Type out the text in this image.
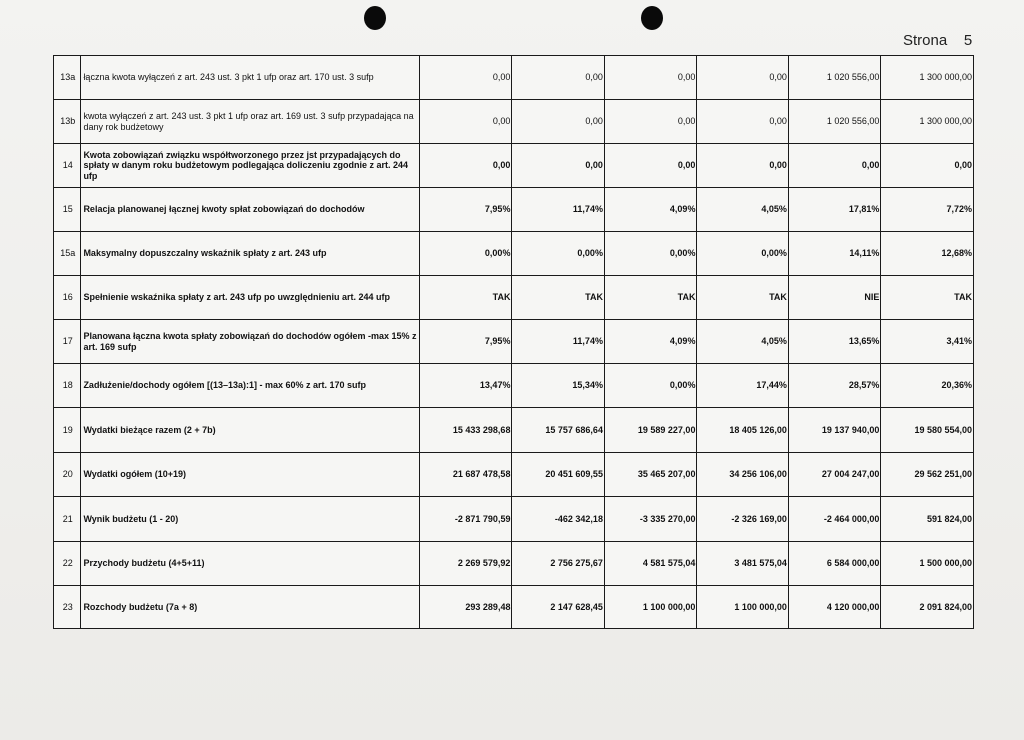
Strona    5
13a	łączna kwota wyłączeń z art. 243 ust. 3 pkt 1 ufp oraz art. 170 ust. 3 sufp	0,00	0,00	0,00	0,00	1 020 556,00	1 300 000,00
13b	kwota wyłączeń z art. 243 ust. 3 pkt 1 ufp oraz art. 169 ust. 3 sufp przypadająca na dany rok budżetowy	0,00	0,00	0,00	0,00	1 020 556,00	1 300 000,00
14	Kwota zobowiązań związku współtworzonego przez jst przypadających do spłaty w danym roku budżetowym podlegająca doliczeniu zgodnie z art. 244 ufp	0,00	0,00	0,00	0,00	0,00	0,00
15	Relacja planowanej łącznej kwoty spłat zobowiązań do dochodów	7,95%	11,74%	4,09%	4,05%	17,81%	7,72%
15a	Maksymalny dopuszczalny wskaźnik spłaty z art. 243 ufp	0,00%	0,00%	0,00%	0,00%	14,11%	12,68%
16	Spełnienie wskaźnika spłaty z art. 243 ufp po uwzględnieniu art. 244 ufp	TAK	TAK	TAK	TAK	NIE	TAK
17	Planowana łączna kwota spłaty zobowiązań do dochodów ogółem -max 15% z art. 169 sufp	7,95%	11,74%	4,09%	4,05%	13,65%	3,41%
18	Zadłużenie/dochody ogółem [(13–13a):1] - max 60% z art. 170 sufp	13,47%	15,34%	0,00%	17,44%	28,57%	20,36%
19	Wydatki bieżące razem (2 + 7b)	15 433 298,68	15 757 686,64	19 589 227,00	18 405 126,00	19 137 940,00	19 580 554,00
20	Wydatki ogółem (10+19)	21 687 478,58	20 451 609,55	35 465 207,00	34 256 106,00	27 004 247,00	29 562 251,00
21	Wynik budżetu (1 - 20)	-2 871 790,59	-462 342,18	-3 335 270,00	-2 326 169,00	-2 464 000,00	591 824,00
22	Przychody budżetu (4+5+11)	2 269 579,92	2 756 275,67	4 581 575,04	3 481 575,04	6 584 000,00	1 500 000,00
23	Rozchody budżetu (7a + 8)	293 289,48	2 147 628,45	1 100 000,00	1 100 000,00	4 120 000,00	2 091 824,00
